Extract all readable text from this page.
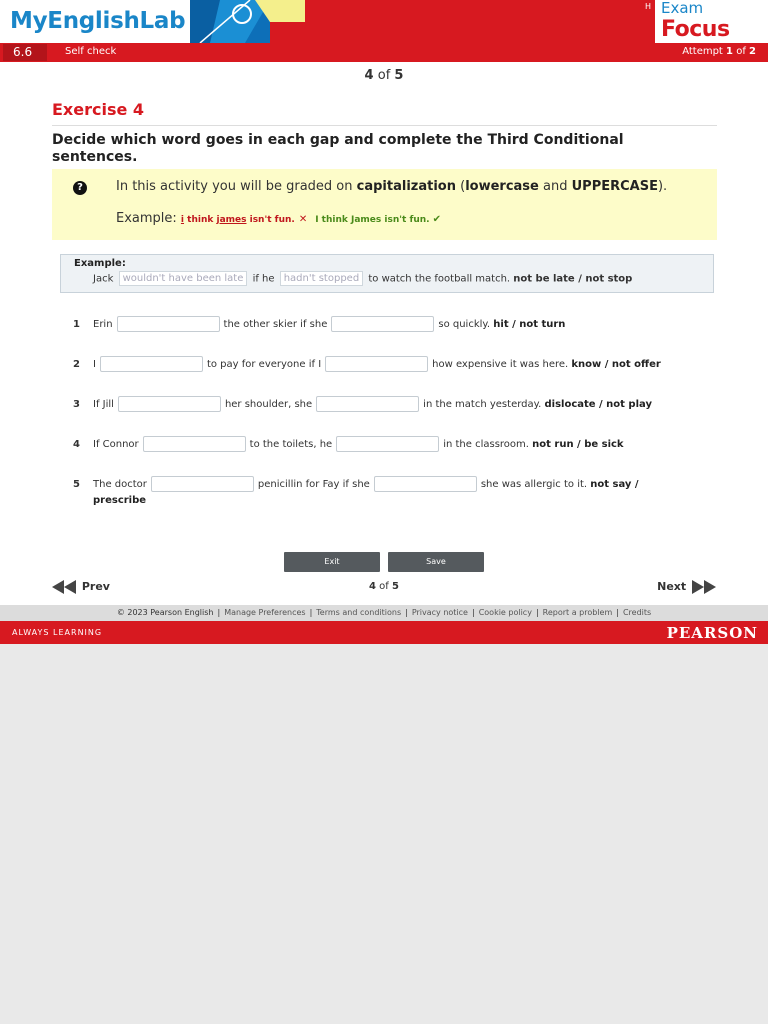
MyEnglishLab
H Exam
Focus
6.6	Self check	Attempt 1 of 2
4 of 5
Exercise 4
Decide which word goes in each gap and complete the Third Conditional sentences.
?	In this activity you will be graded on capitalization (lowercase and UPPERCASE).
Example: i think james isn't fun. ✕ I think James isn't fun. ✔
Example:
Jack wouldn't have been late if he hadn't stopped to watch the football match. not be late / not stop
1 Erin	the other skier if she	so quickly. hit / not turn
2 I	to pay for everyone if I	how expensive it was here. know / not offer
3 If Jill	her shoulder, she	in the match yesterday. dislocate / not play
4 If Connor	to the toilets, he	in the classroom. not run / be sick
5 The doctor	penicillin for Fay if she	she was allergic to it. not say /
prescribe
Exit	Save
Prev	4 of 5	Next
© 2023 Pearson English | Manage Preferences | Terms and conditions | Privacy notice | Cookie policy | Report a problem | Credits
ALWAYS LEARNING	PEARSON
